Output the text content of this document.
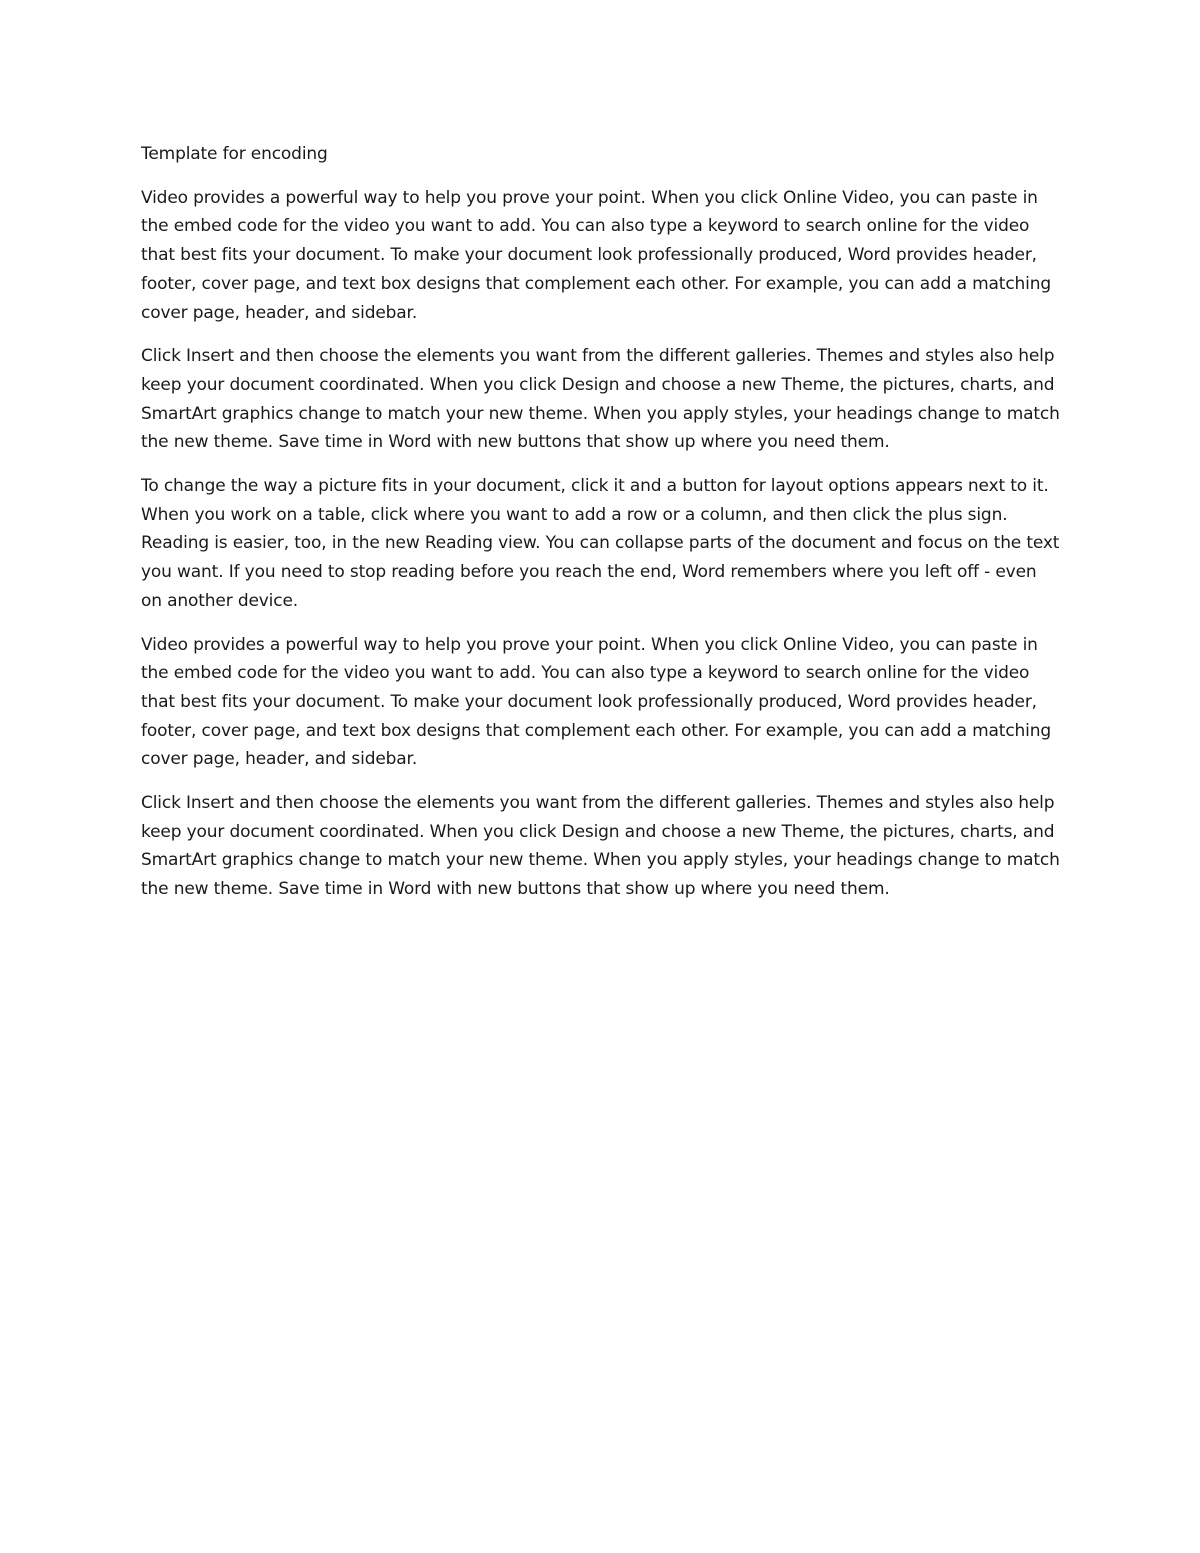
Template for encoding

Video provides a powerful way to help you prove your point. When you click Online Video, you can paste in the embed code for the video you want to add. You can also type a keyword to search online for the video that best fits your document. To make your document look professionally produced, Word provides header, footer, cover page, and text box designs that complement each other. For example, you can add a matching cover page, header, and sidebar.

Click Insert and then choose the elements you want from the different galleries. Themes and styles also help keep your document coordinated. When you click Design and choose a new Theme, the pictures, charts, and SmartArt graphics change to match your new theme. When you apply styles, your headings change to match the new theme. Save time in Word with new buttons that show up where you need them.

To change the way a picture fits in your document, click it and a button for layout options appears next to it. When you work on a table, click where you want to add a row or a column, and then click the plus sign. Reading is easier, too, in the new Reading view. You can collapse parts of the document and focus on the text you want. If you need to stop reading before you reach the end, Word remembers where you left off - even on another device.

Video provides a powerful way to help you prove your point. When you click Online Video, you can paste in the embed code for the video you want to add. You can also type a keyword to search online for the video that best fits your document. To make your document look professionally produced, Word provides header, footer, cover page, and text box designs that complement each other. For example, you can add a matching cover page, header, and sidebar.

Click Insert and then choose the elements you want from the different galleries. Themes and styles also help keep your document coordinated. When you click Design and choose a new Theme, the pictures, charts, and SmartArt graphics change to match your new theme. When you apply styles, your headings change to match the new theme. Save time in Word with new buttons that show up where you need them.
